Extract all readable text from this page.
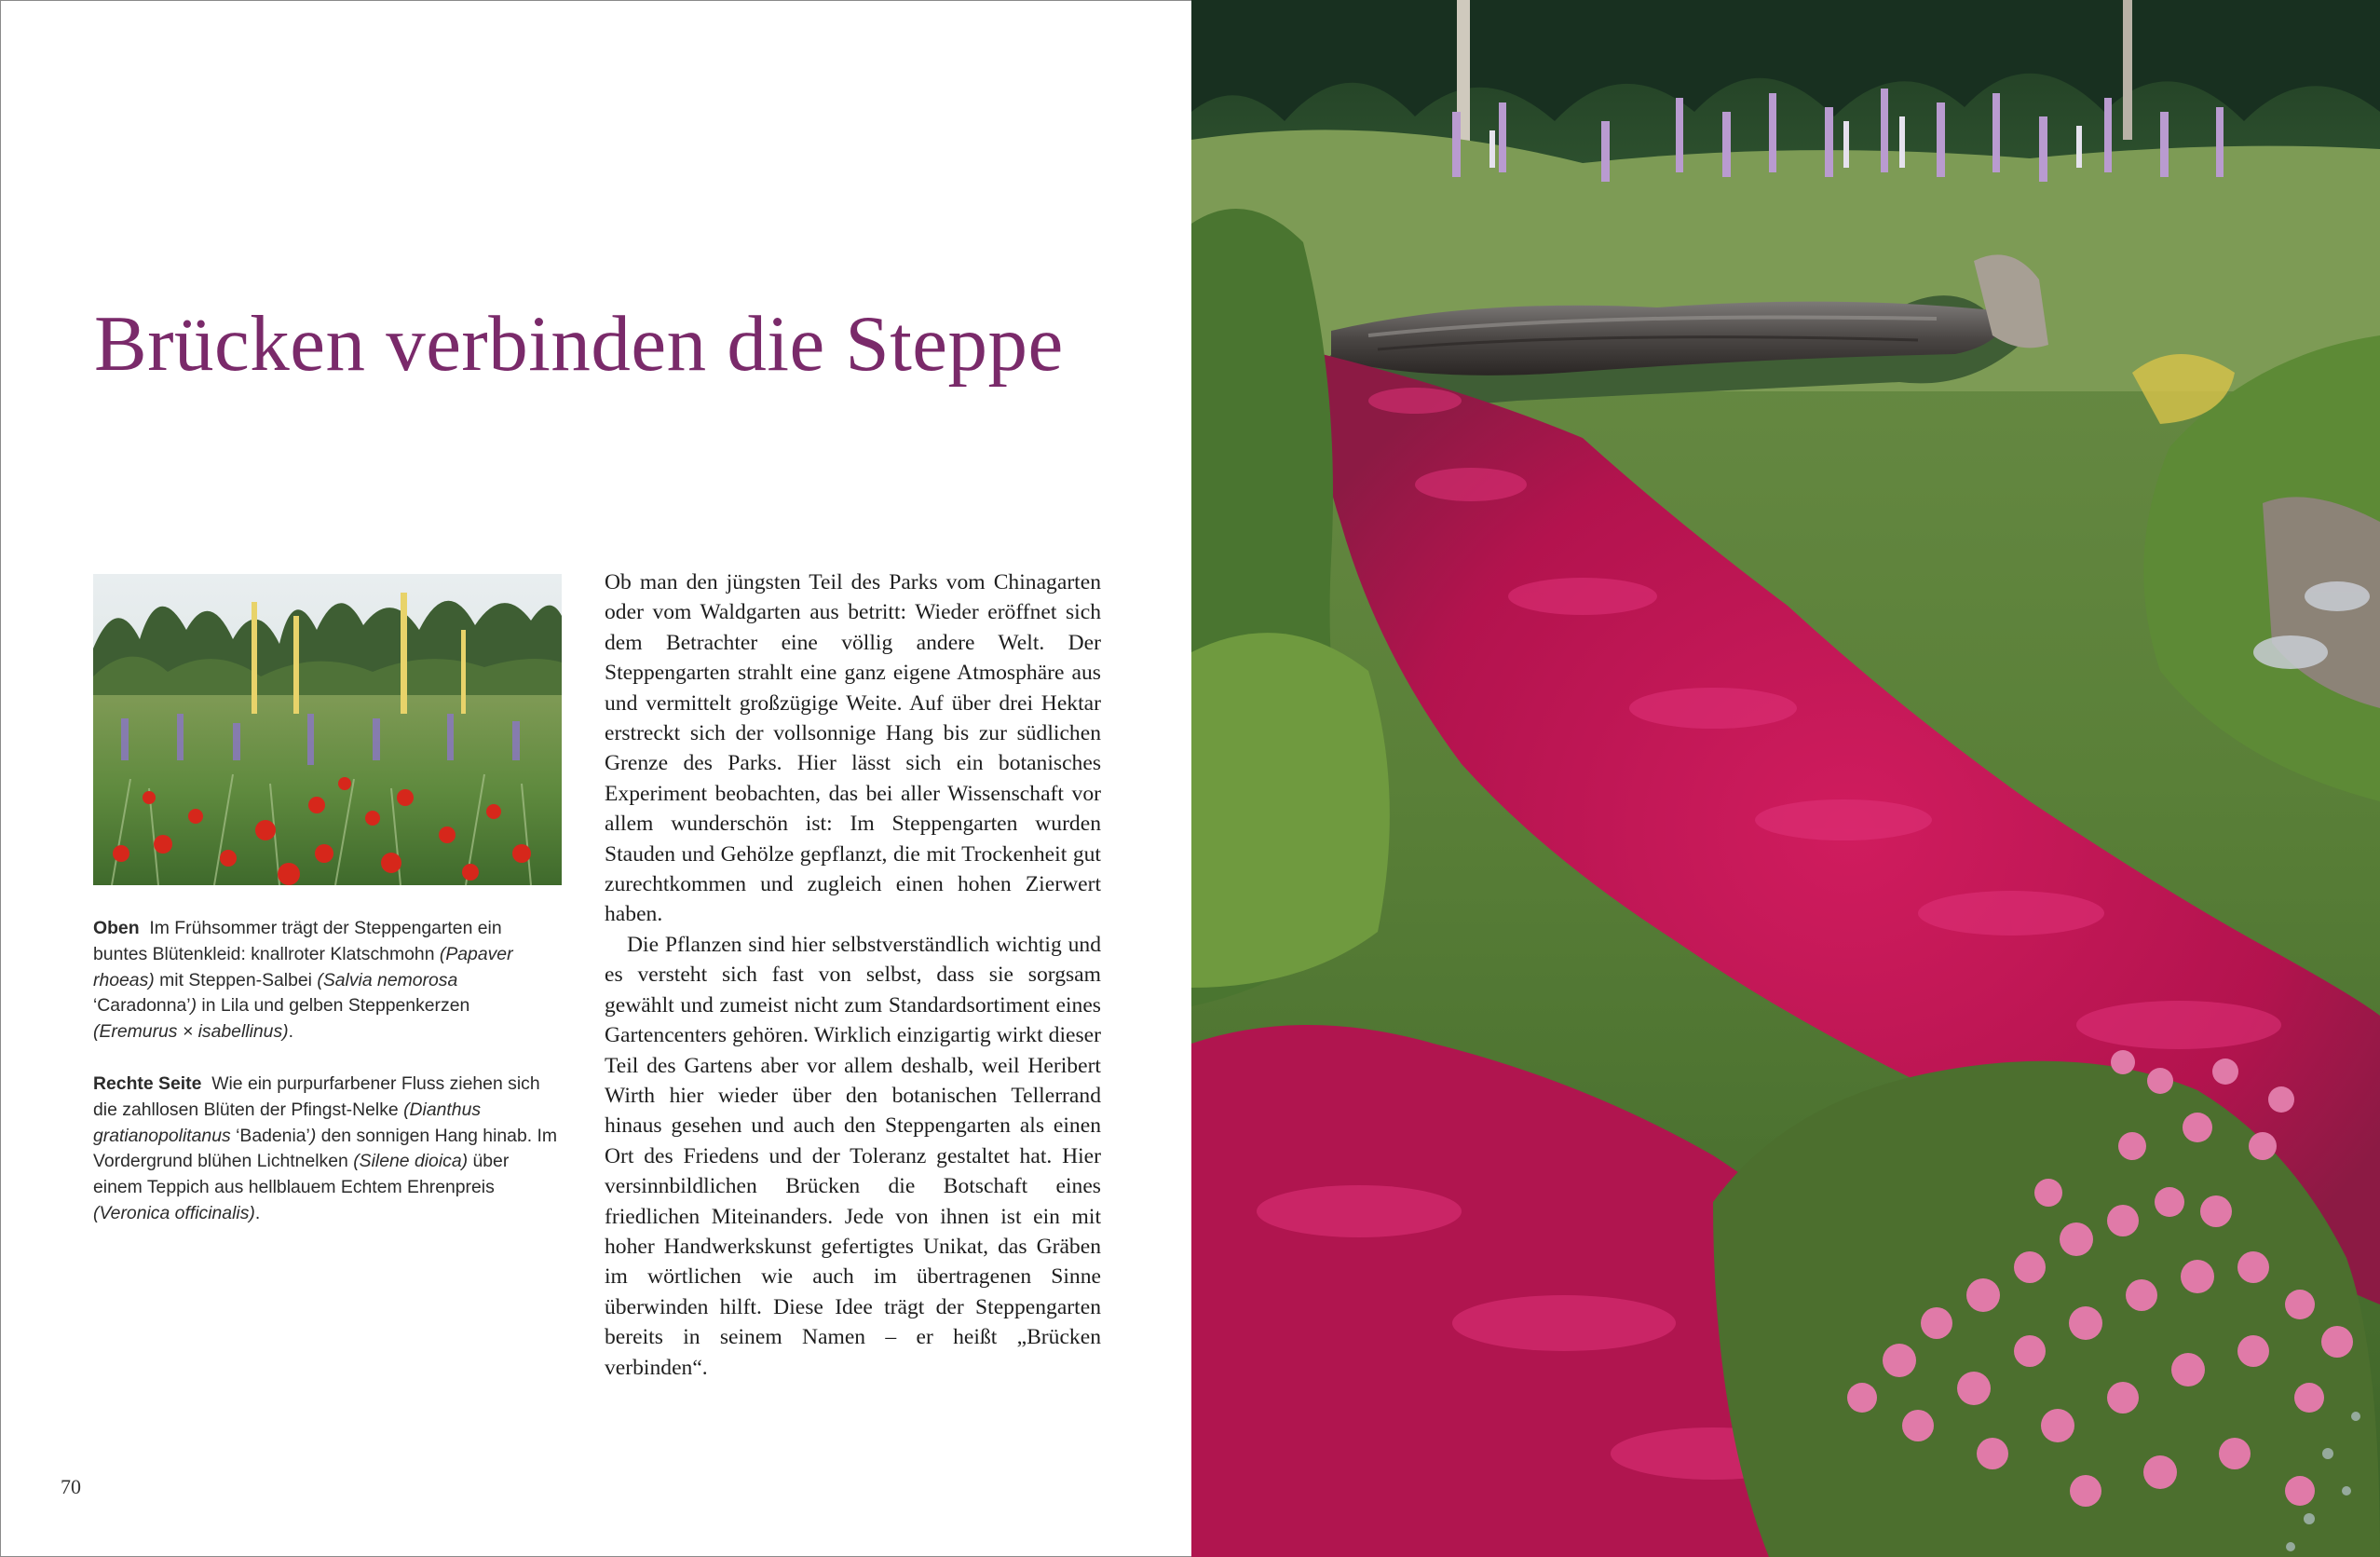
Brücken verbinden die Steppe

Oben Im Frühsommer trägt der Steppengarten ein buntes Blütenkleid: knallroter Klatschmohn (Papaver rhoeas) mit Steppen-Salbei (Salvia nemorosa ‘Caradonna’) in Lila und gelben Steppenkerzen (Eremurus × isabellinus).

Rechte Seite Wie ein purpurfarbener Fluss ziehen sich die zahllosen Blüten der Pfingst-Nelke (Dianthus gratianopolitanus ‘Badenia’) den sonnigen Hang hinab. Im Vordergrund blühen Lichtnelken (Silene dioica) über einem Teppich aus hellblauem Echtem Ehrenpreis (Veronica officinalis).

Ob man den jüngsten Teil des Parks vom Chinagarten oder vom Waldgarten aus betritt: Wieder eröffnet sich dem Betrachter eine völlig andere Welt. Der Steppengarten strahlt eine ganz eigene Atmosphäre aus und vermittelt großzügige Weite. Auf über drei Hektar erstreckt sich der vollsonnige Hang bis zur südlichen Grenze des Parks. Hier lässt sich ein botanisches Experiment beobachten, das bei aller Wissenschaft vor allem wunderschön ist: Im Steppengarten wurden Stauden und Gehölze gepflanzt, die mit Trockenheit gut zurechtkommen und zugleich einen hohen Zierwert haben.

Die Pflanzen sind hier selbstverständlich wichtig und es versteht sich fast von selbst, dass sie sorgsam gewählt und zumeist nicht zum Standardsortiment eines Gartencenters gehören. Wirklich einzigartig wirkt dieser Teil des Gartens aber vor allem deshalb, weil Heribert Wirth hier wieder über den botanischen Tellerrand hinaus gesehen und auch den Steppengarten als einen Ort des Friedens und der Toleranz gestaltet hat. Hier versinnbildlichen Brücken die Botschaft eines friedlichen Miteinanders. Jede von ihnen ist ein mit hoher Handwerkskunst gefertigtes Unikat, das Gräben im wörtlichen wie auch im übertragenen Sinne überwinden hilft. Diese Idee trägt der Steppengarten bereits in seinem Namen – er heißt „Brücken verbinden“.

70
